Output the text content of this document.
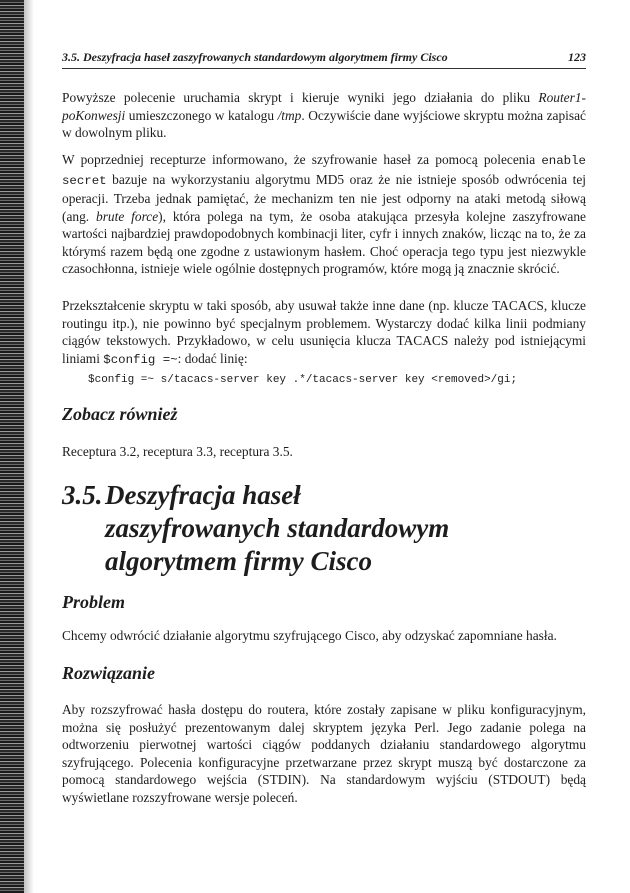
3.5. Deszyfracja haseł zaszyfrowanych standardowym algorytmem firmy Cisco	123
Powyższe polecenie uruchamia skrypt i kieruje wyniki jego działania do pliku Router1-poKonwesji umieszczonego w katalogu /tmp. Oczywiście dane wyjściowe skryptu można zapisać w dowolnym pliku.
W poprzedniej recepturze informowano, że szyfrowanie haseł za pomocą polecenia enable secret bazuje na wykorzystaniu algorytmu MD5 oraz że nie istnieje sposób odwrócenia tej operacji. Trzeba jednak pamiętać, że mechanizm ten nie jest odporny na ataki metodą siłową (ang. brute force), która polega na tym, że osoba atakująca przesyła kolejne zaszyfrowane wartości najbardziej prawdopodobnych kombinacji liter, cyfr i innych znaków, licząc na to, że za którymś razem będą one zgodne z ustawionym hasłem. Choć operacja tego typu jest niezwykle czasochłonna, istnieje wiele ogólnie dostępnych programów, które mogą ją znacznie skrócić.
Przekształcenie skryptu w taki sposób, aby usuwał także inne dane (np. klucze TACACS, klucze routingu itp.), nie powinno być specjalnym problemem. Wystarczy dodać kilka linii podmiany ciągów tekstowych. Przykładowo, w celu usunięcia klucza TACACS należy pod istniejącymi liniami $config =~: dodać linię:
$config =~ s/tacacs-server key .*/tacacs-server key <removed>/gi;
Zobacz również
Receptura 3.2, receptura 3.3, receptura 3.5.
3.5.Deszyfracja haseł
zaszyfrowanych standardowym
algorytmem firmy Cisco
Problem
Chcemy odwrócić działanie algorytmu szyfrującego Cisco, aby odzyskać zapomniane hasła.
Rozwiązanie
Aby rozszyfrować hasła dostępu do routera, które zostały zapisane w pliku konfiguracyjnym, można się posłużyć prezentowanym dalej skryptem języka Perl. Jego zadanie polega na odtworzeniu pierwotnej wartości ciągów poddanych działaniu standardowego algorytmu szyfrującego. Polecenia konfiguracyjne przetwarzane przez skrypt muszą być dostarczone za pomocą standardowego wejścia (STDIN). Na standardowym wyjściu (STDOUT) będą wyświetlane rozszyfrowane wersje poleceń.
